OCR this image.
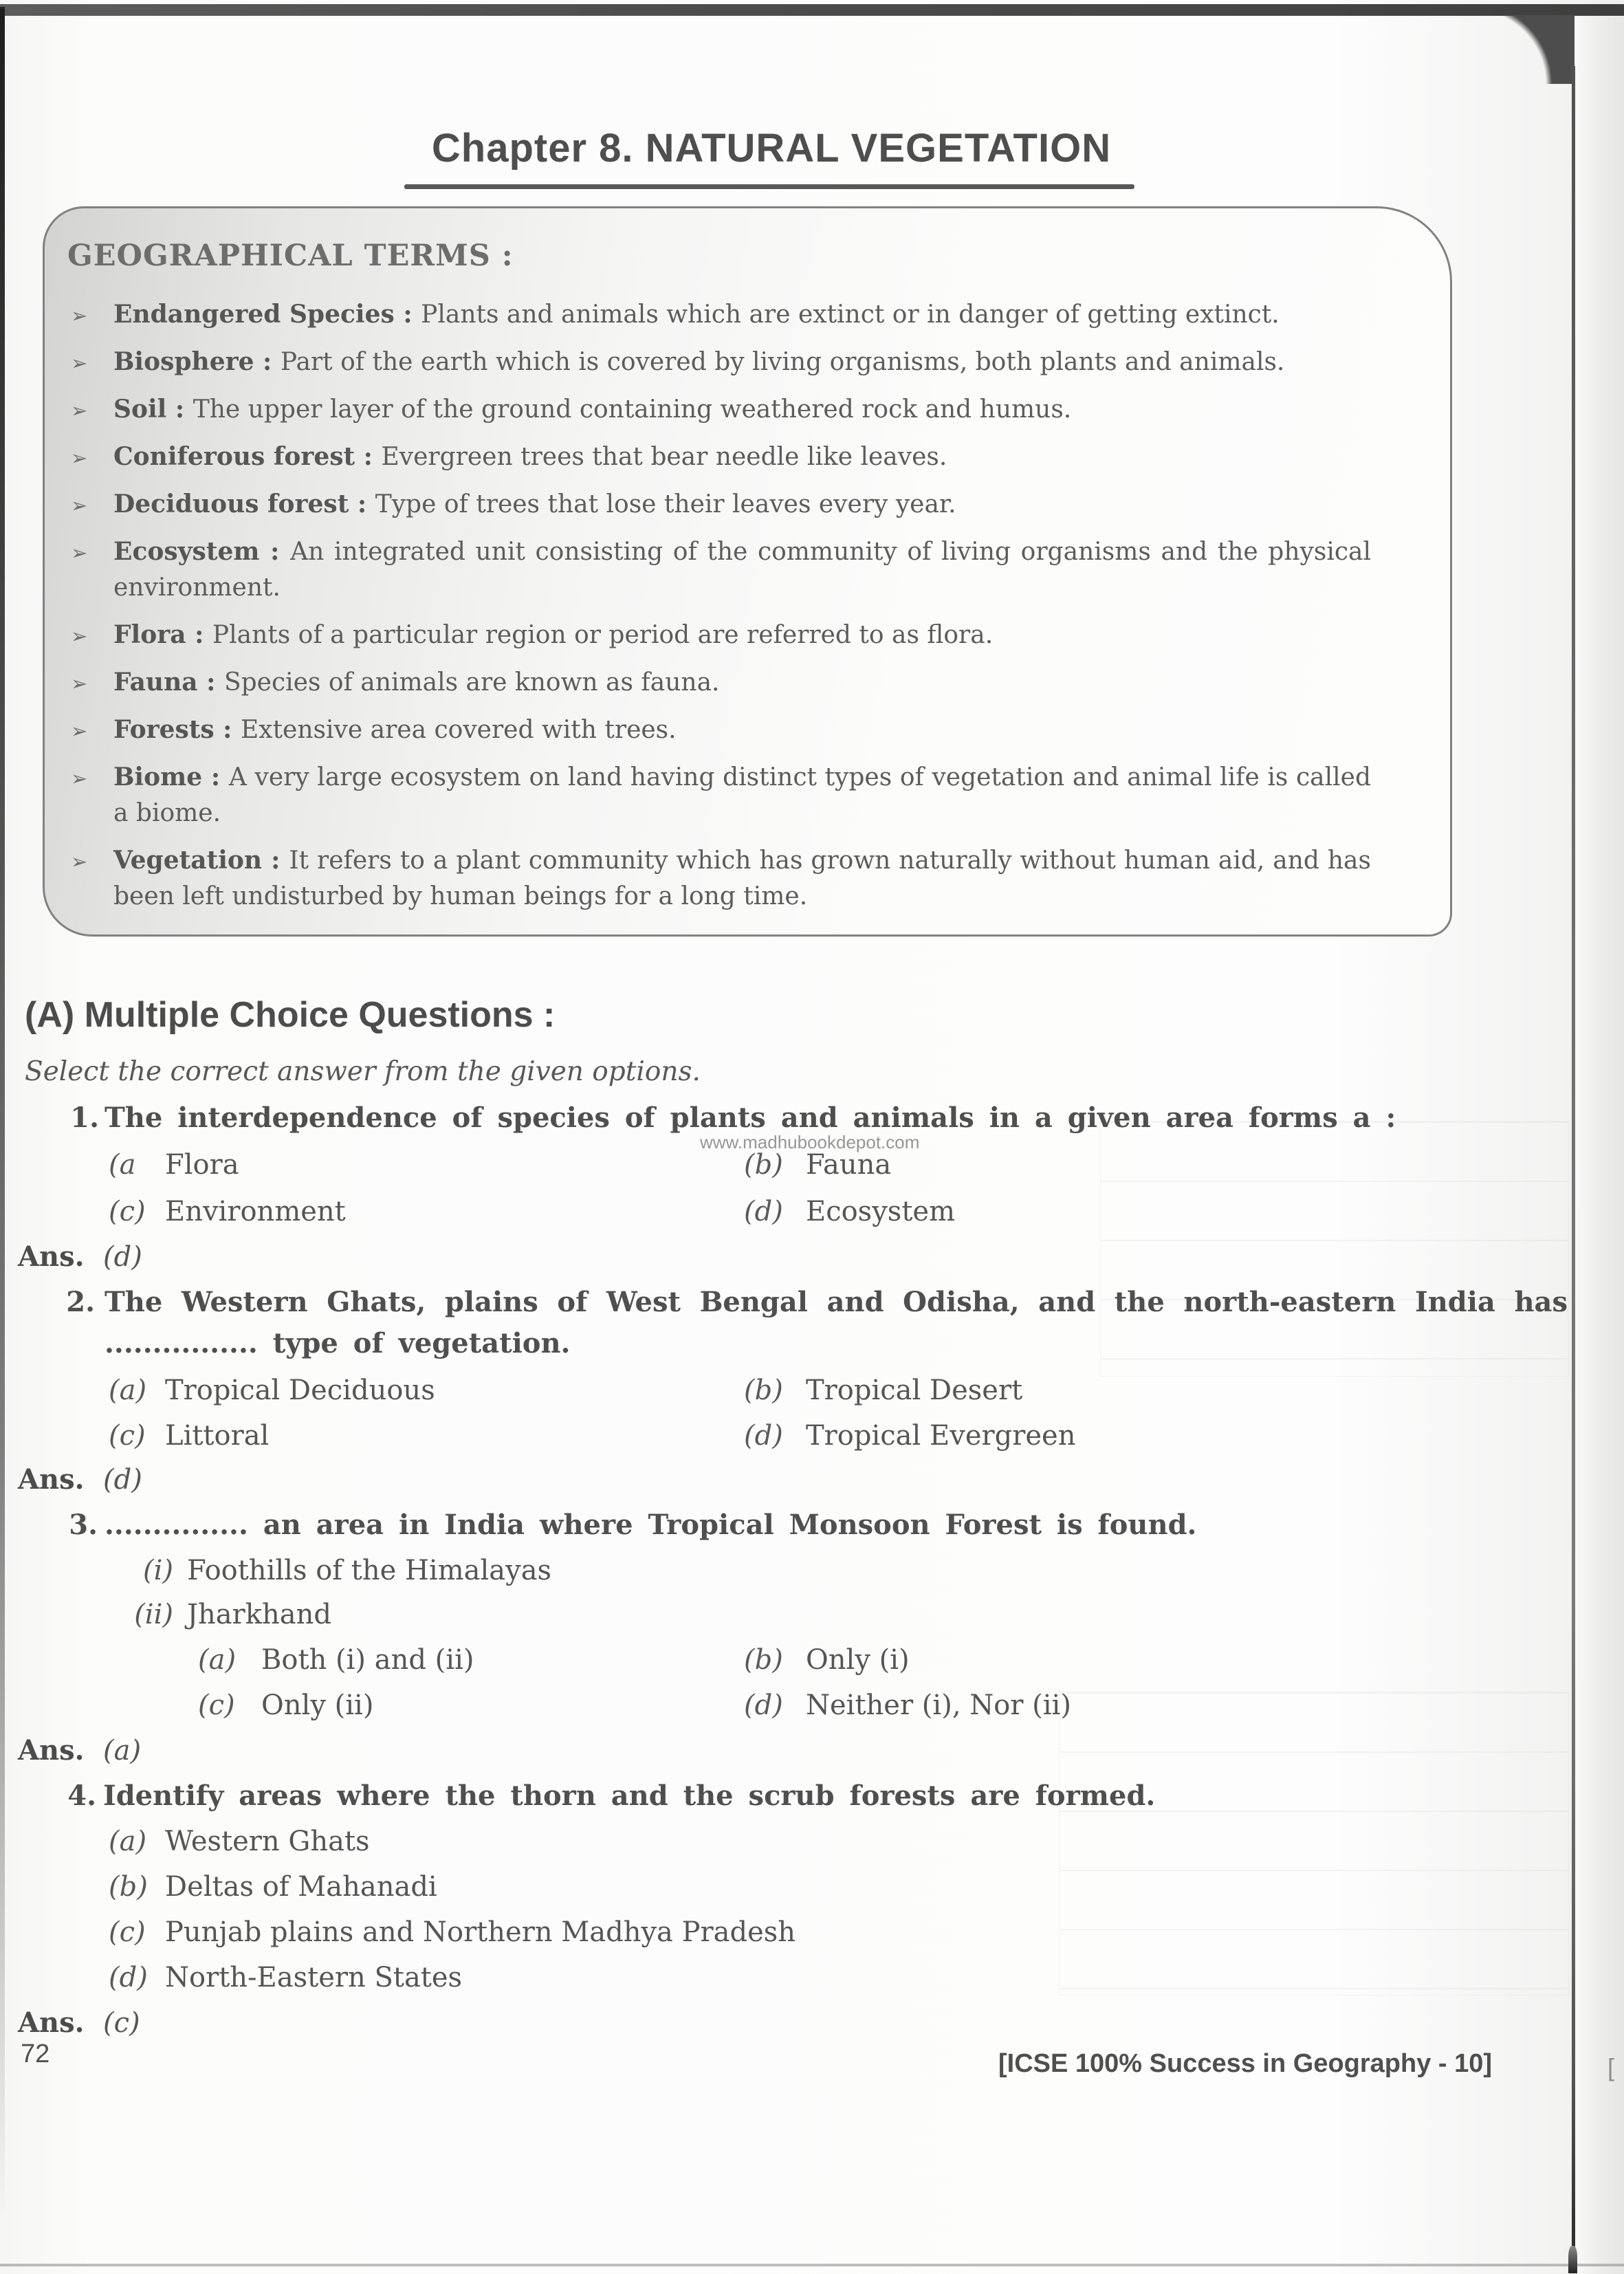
Chapter 8. NATURAL VEGETATION
GEOGRAPHICAL TERMS :
➢ Endangered Species : Plants and animals which are extinct or in danger of getting extinct.
➢ Biosphere : Part of the earth which is covered by living organisms, both plants and animals.
➢ Soil : The upper layer of the ground containing weathered rock and humus.
➢ Coniferous forest : Evergreen trees that bear needle like leaves.
➢ Deciduous forest : Type of trees that lose their leaves every year.
➢ Ecosystem : An integrated unit consisting of the community of living organisms and the physical environment.
➢ Flora : Plants of a particular region or period are referred to as flora.
➢ Fauna : Species of animals are known as fauna.
➢ Forests : Extensive area covered with trees.
➢ Biome : A very large ecosystem on land having distinct types of vegetation and animal life is called a biome.
➢ Vegetation : It refers to a plant community which has grown naturally without human aid, and has been left undisturbed by human beings for a long time.
(A) Multiple Choice Questions :
Select the correct answer from the given options.
1. The interdependence of species of plants and animals in a given area forms a :
www.madhubookdepot.com
(a Flora	(b) Fauna
(c) Environment	(d) Ecosystem
Ans. (d)
2. The Western Ghats, plains of West Bengal and Odisha, and the north-eastern India has
................ type of vegetation.
(a) Tropical Deciduous	(b) Tropical Desert
(c) Littoral	(d) Tropical Evergreen
Ans. (d)
3. ............... an area in India where Tropical Monsoon Forest is found.
(i) Foothills of the Himalayas
(ii) Jharkhand
(a) Both (i) and (ii)	(b) Only (i)
(c) Only (ii)	(d) Neither (i), Nor (ii)
Ans. (a)
4. Identify areas where the thorn and the scrub forests are formed.
(a) Western Ghats
(b) Deltas of Mahanadi
(c) Punjab plains and Northern Madhya Pradesh
(d) North-Eastern States
Ans. (c)
72	[ICSE 100% Success in Geography - 10]	[
